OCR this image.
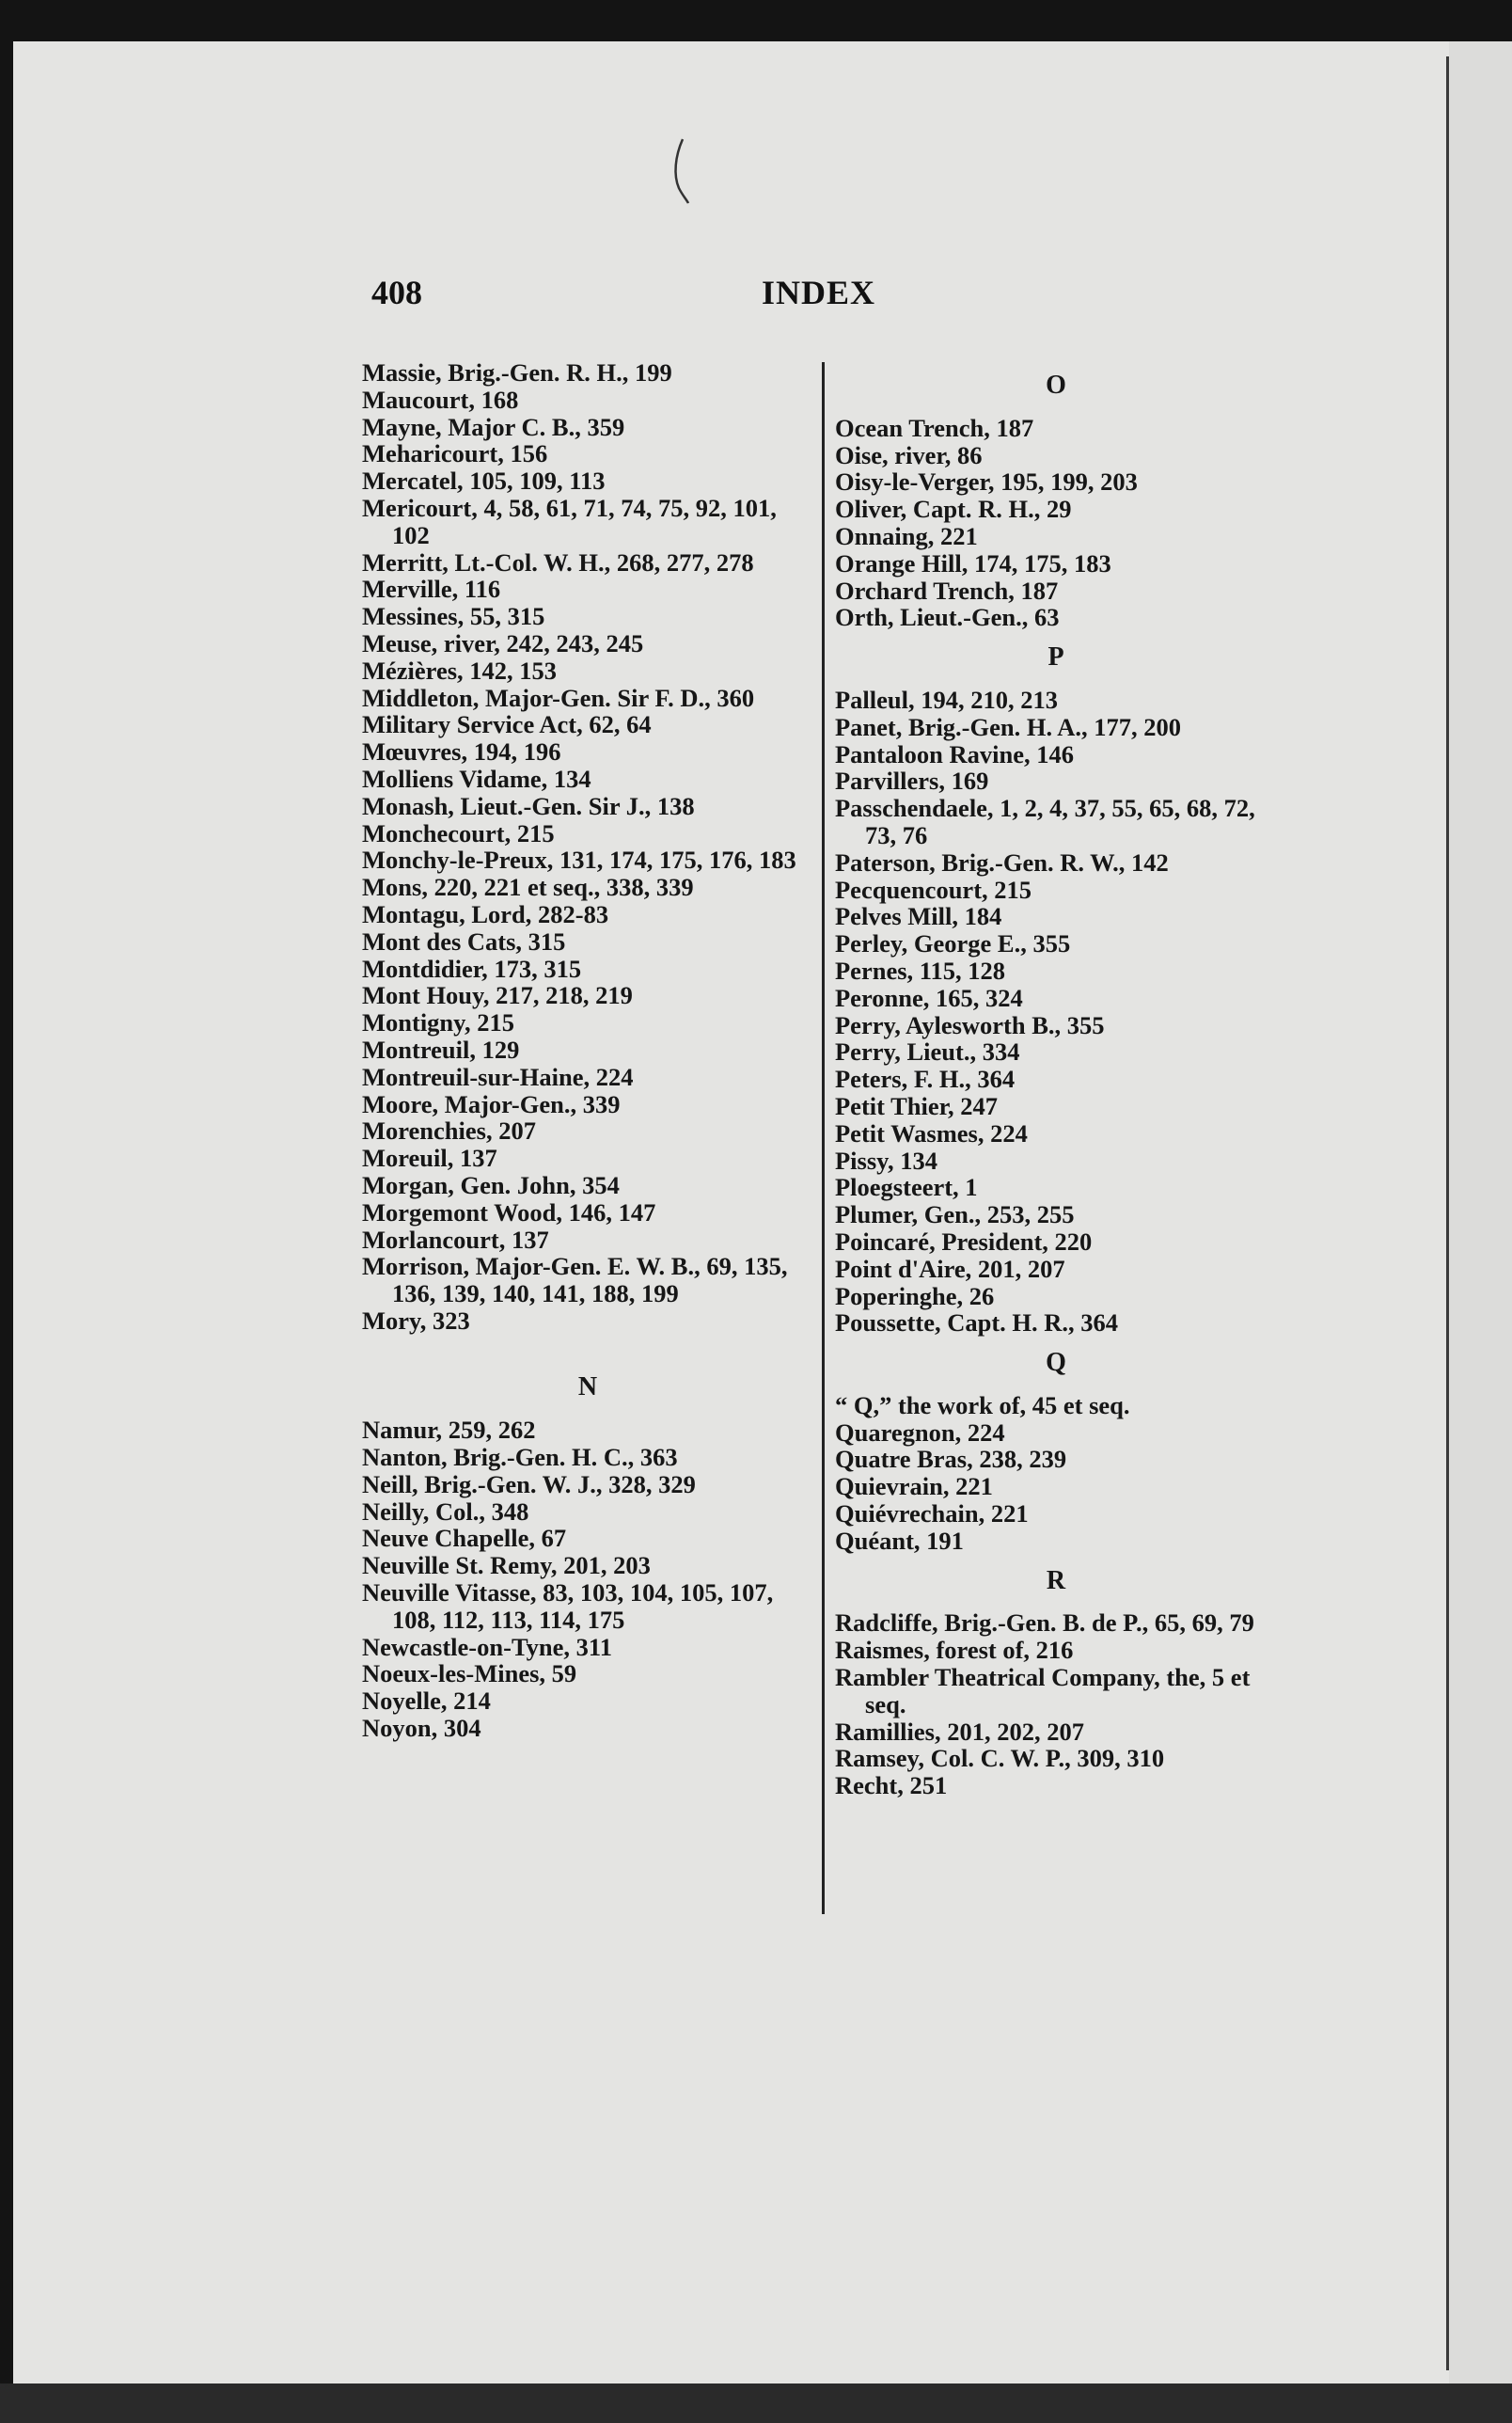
408	INDEX
Massie, Brig.-Gen. R. H., 199
Maucourt, 168
Mayne, Major C. B., 359
Meharicourt, 156
Mercatel, 105, 109, 113
Mericourt, 4, 58, 61, 71, 74, 75, 92, 101, 102
Merritt, Lt.-Col. W. H., 268, 277, 278
Merville, 116
Messines, 55, 315
Meuse, river, 242, 243, 245
Mézières, 142, 153
Middleton, Major-Gen. Sir F. D., 360
Military Service Act, 62, 64
Mœuvres, 194, 196
Molliens Vidame, 134
Monash, Lieut.-Gen. Sir J., 138
Monchecourt, 215
Monchy-le-Preux, 131, 174, 175, 176, 183
Mons, 220, 221 et seq., 338, 339
Montagu, Lord, 282-83
Mont des Cats, 315
Montdidier, 173, 315
Mont Houy, 217, 218, 219
Montigny, 215
Montreuil, 129
Montreuil-sur-Haine, 224
Moore, Major-Gen., 339
Morenchies, 207
Moreuil, 137
Morgan, Gen. John, 354
Morgemont Wood, 146, 147
Morlancourt, 137
Morrison, Major-Gen. E. W. B., 69, 135, 136, 139, 140, 141, 188, 199
Mory, 323
N
Namur, 259, 262
Nanton, Brig.-Gen. H. C., 363
Neill, Brig.-Gen. W. J., 328, 329
Neilly, Col., 348
Neuve Chapelle, 67
Neuville St. Remy, 201, 203
Neuville Vitasse, 83, 103, 104, 105, 107, 108, 112, 113, 114, 175
Newcastle-on-Tyne, 311
Noeux-les-Mines, 59
Noyelle, 214
Noyon, 304
O
Ocean Trench, 187
Oise, river, 86
Oisy-le-Verger, 195, 199, 203
Oliver, Capt. R. H., 29
Onnaing, 221
Orange Hill, 174, 175, 183
Orchard Trench, 187
Orth, Lieut.-Gen., 63
P
Palleul, 194, 210, 213
Panet, Brig.-Gen. H. A., 177, 200
Pantaloon Ravine, 146
Parvillers, 169
Passchendaele, 1, 2, 4, 37, 55, 65, 68, 72, 73, 76
Paterson, Brig.-Gen. R. W., 142
Pecquencourt, 215
Pelves Mill, 184
Perley, George E., 355
Pernes, 115, 128
Peronne, 165, 324
Perry, Aylesworth B., 355
Perry, Lieut., 334
Peters, F. H., 364
Petit Thier, 247
Petit Wasmes, 224
Pissy, 134
Ploegsteert, 1
Plumer, Gen., 253, 255
Poincaré, President, 220
Point d'Aire, 201, 207
Poperinghe, 26
Poussette, Capt. H. R., 364
Q
“ Q,” the work of, 45 et seq.
Quaregnon, 224
Quatre Bras, 238, 239
Quievrain, 221
Quiévrechain, 221
Quéant, 191
R
Radcliffe, Brig.-Gen. B. de P., 65, 69, 79
Raismes, forest of, 216
Rambler Theatrical Company, the, 5 et seq.
Ramillies, 201, 202, 207
Ramsey, Col. C. W. P., 309, 310
Recht, 251
